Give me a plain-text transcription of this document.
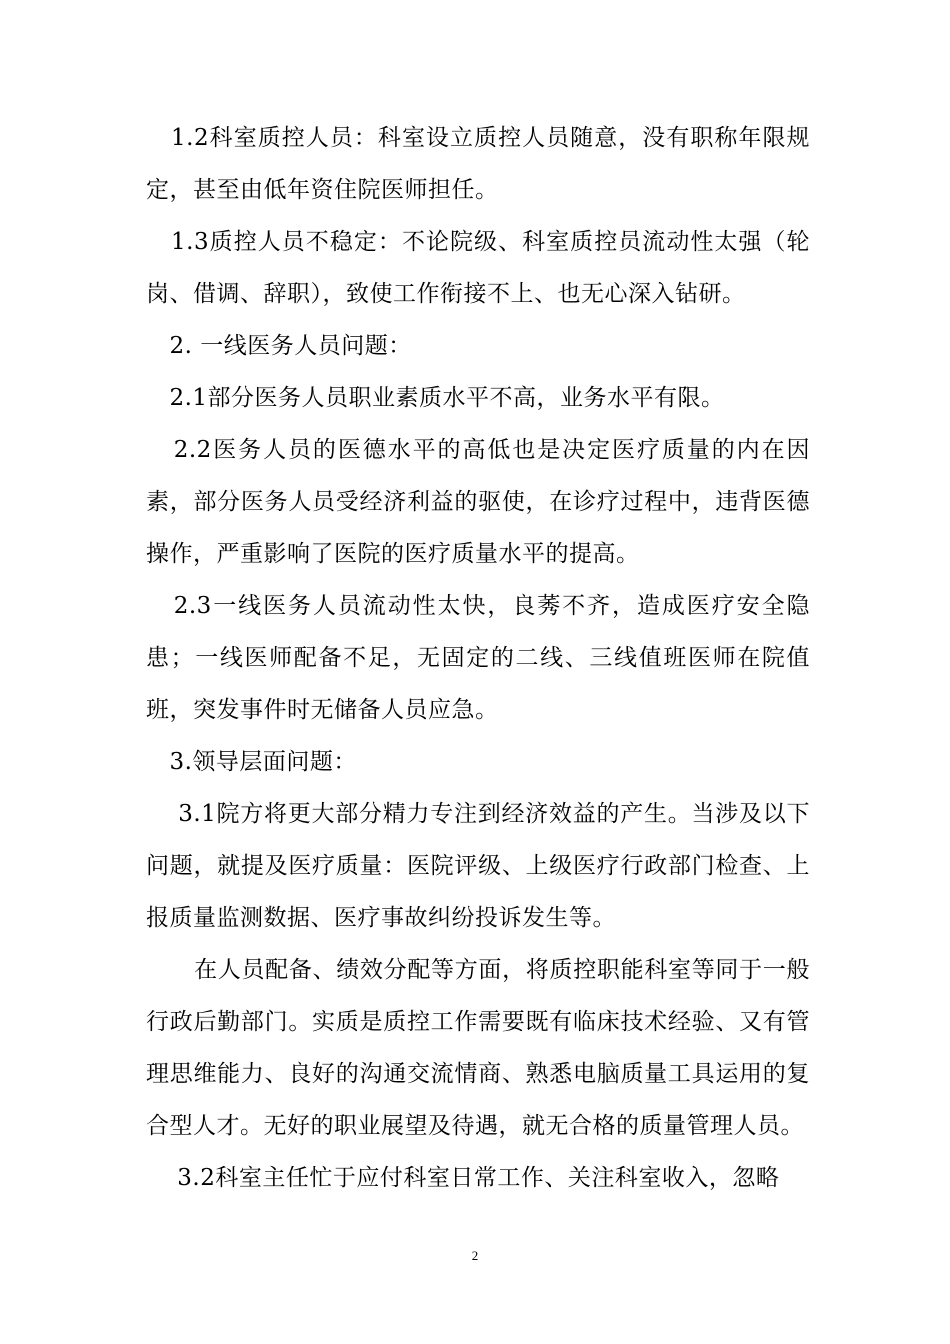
1.2科室质控人员：科室设立质控人员随意，没有职称年限规定，甚至由低年资住院医师担任。

1.3质控人员不稳定：不论院级、科室质控员流动性太强（轮岗、借调、辞职），致使工作衔接不上、也无心深入钻研。

2. 一线医务人员问题：

2.1部分医务人员职业素质水平不高，业务水平有限。

2.2医务人员的医德水平的高低也是决定医疗质量的内在因素，部分医务人员受经济利益的驱使，在诊疗过程中，违背医德操作，严重影响了医院的医疗质量水平的提高。

2.3一线医务人员流动性太快，良莠不齐，造成医疗安全隐患；一线医师配备不足，无固定的二线、三线值班医师在院值班，突发事件时无储备人员应急。

3.领导层面问题：

3.1院方将更大部分精力专注到经济效益的产生。当涉及以下问题，就提及医疗质量：医院评级、上级医疗行政部门检查、上报质量监测数据、医疗事故纠纷投诉发生等。

在人员配备、绩效分配等方面，将质控职能科室等同于一般行政后勤部门。实质是质控工作需要既有临床技术经验、又有管理思维能力、良好的沟通交流情商、熟悉电脑质量工具运用的复合型人才。无好的职业展望及待遇，就无合格的质量管理人员。

3.2科室主任忙于应付科室日常工作、关注科室收入，忽略

2
